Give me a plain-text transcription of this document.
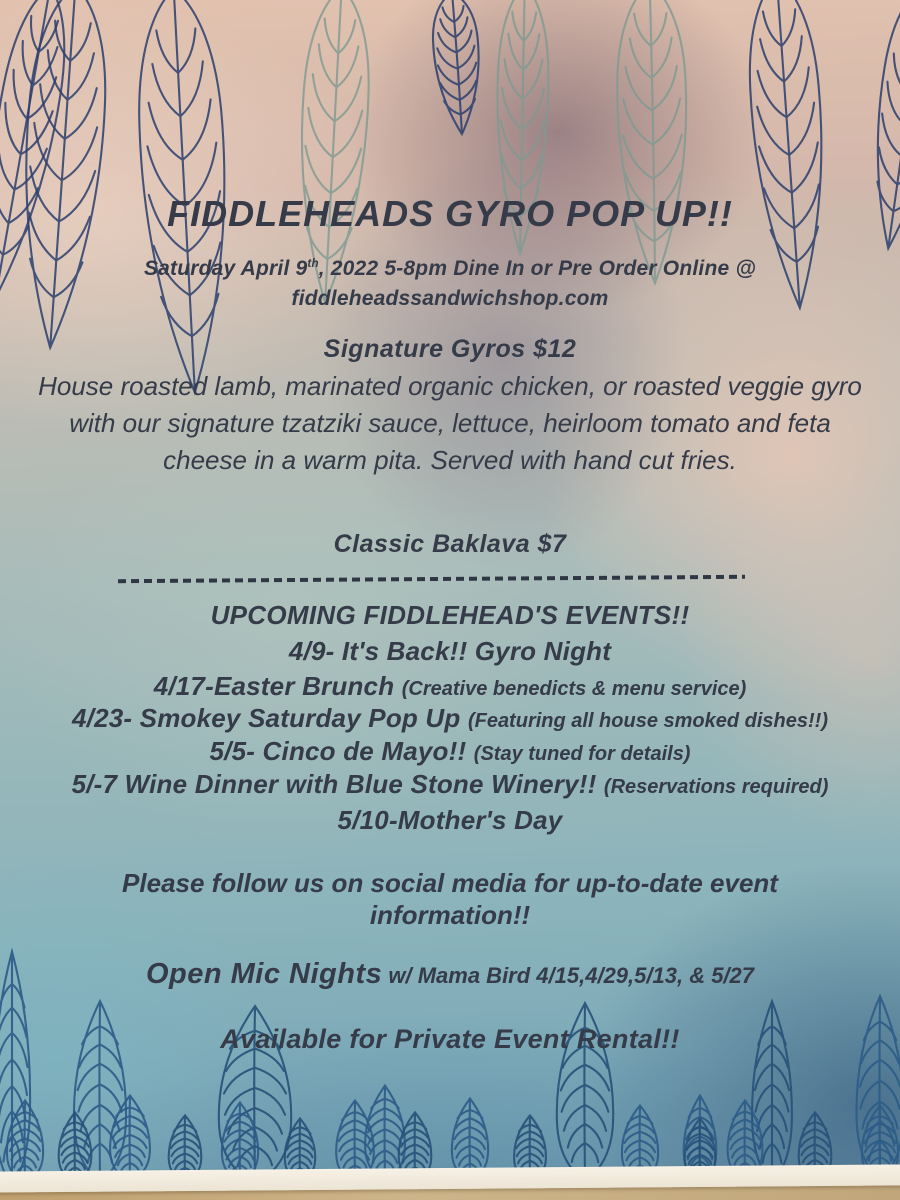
FIDDLEHEADS GYRO POP UP!!

Saturday April 9th, 2022 5-8pm Dine In or Pre Order Online @
fiddleheadssandwichshop.com

Signature Gyros $12

House roasted lamb, marinated organic chicken, or roasted veggie gyro with our signature tzatziki sauce, lettuce, heirloom tomato and feta cheese in a warm pita. Served with hand cut fries.

Classic Baklava $7

UPCOMING FIDDLEHEAD'S EVENTS!!

4/9- It's Back!! Gyro Night

4/17-Easter Brunch (Creative benedicts & menu service)

4/23- Smokey Saturday Pop Up (Featuring all house smoked dishes!!)

5/5- Cinco de Mayo!! (Stay tuned for details)

5/-7 Wine Dinner with Blue Stone Winery!! (Reservations required)

5/10-Mother's Day

Please follow us on social media for up-to-date event information!!

Open Mic Nights w/ Mama Bird 4/15,4/29,5/13, & 5/27

Available for Private Event Rental!!
